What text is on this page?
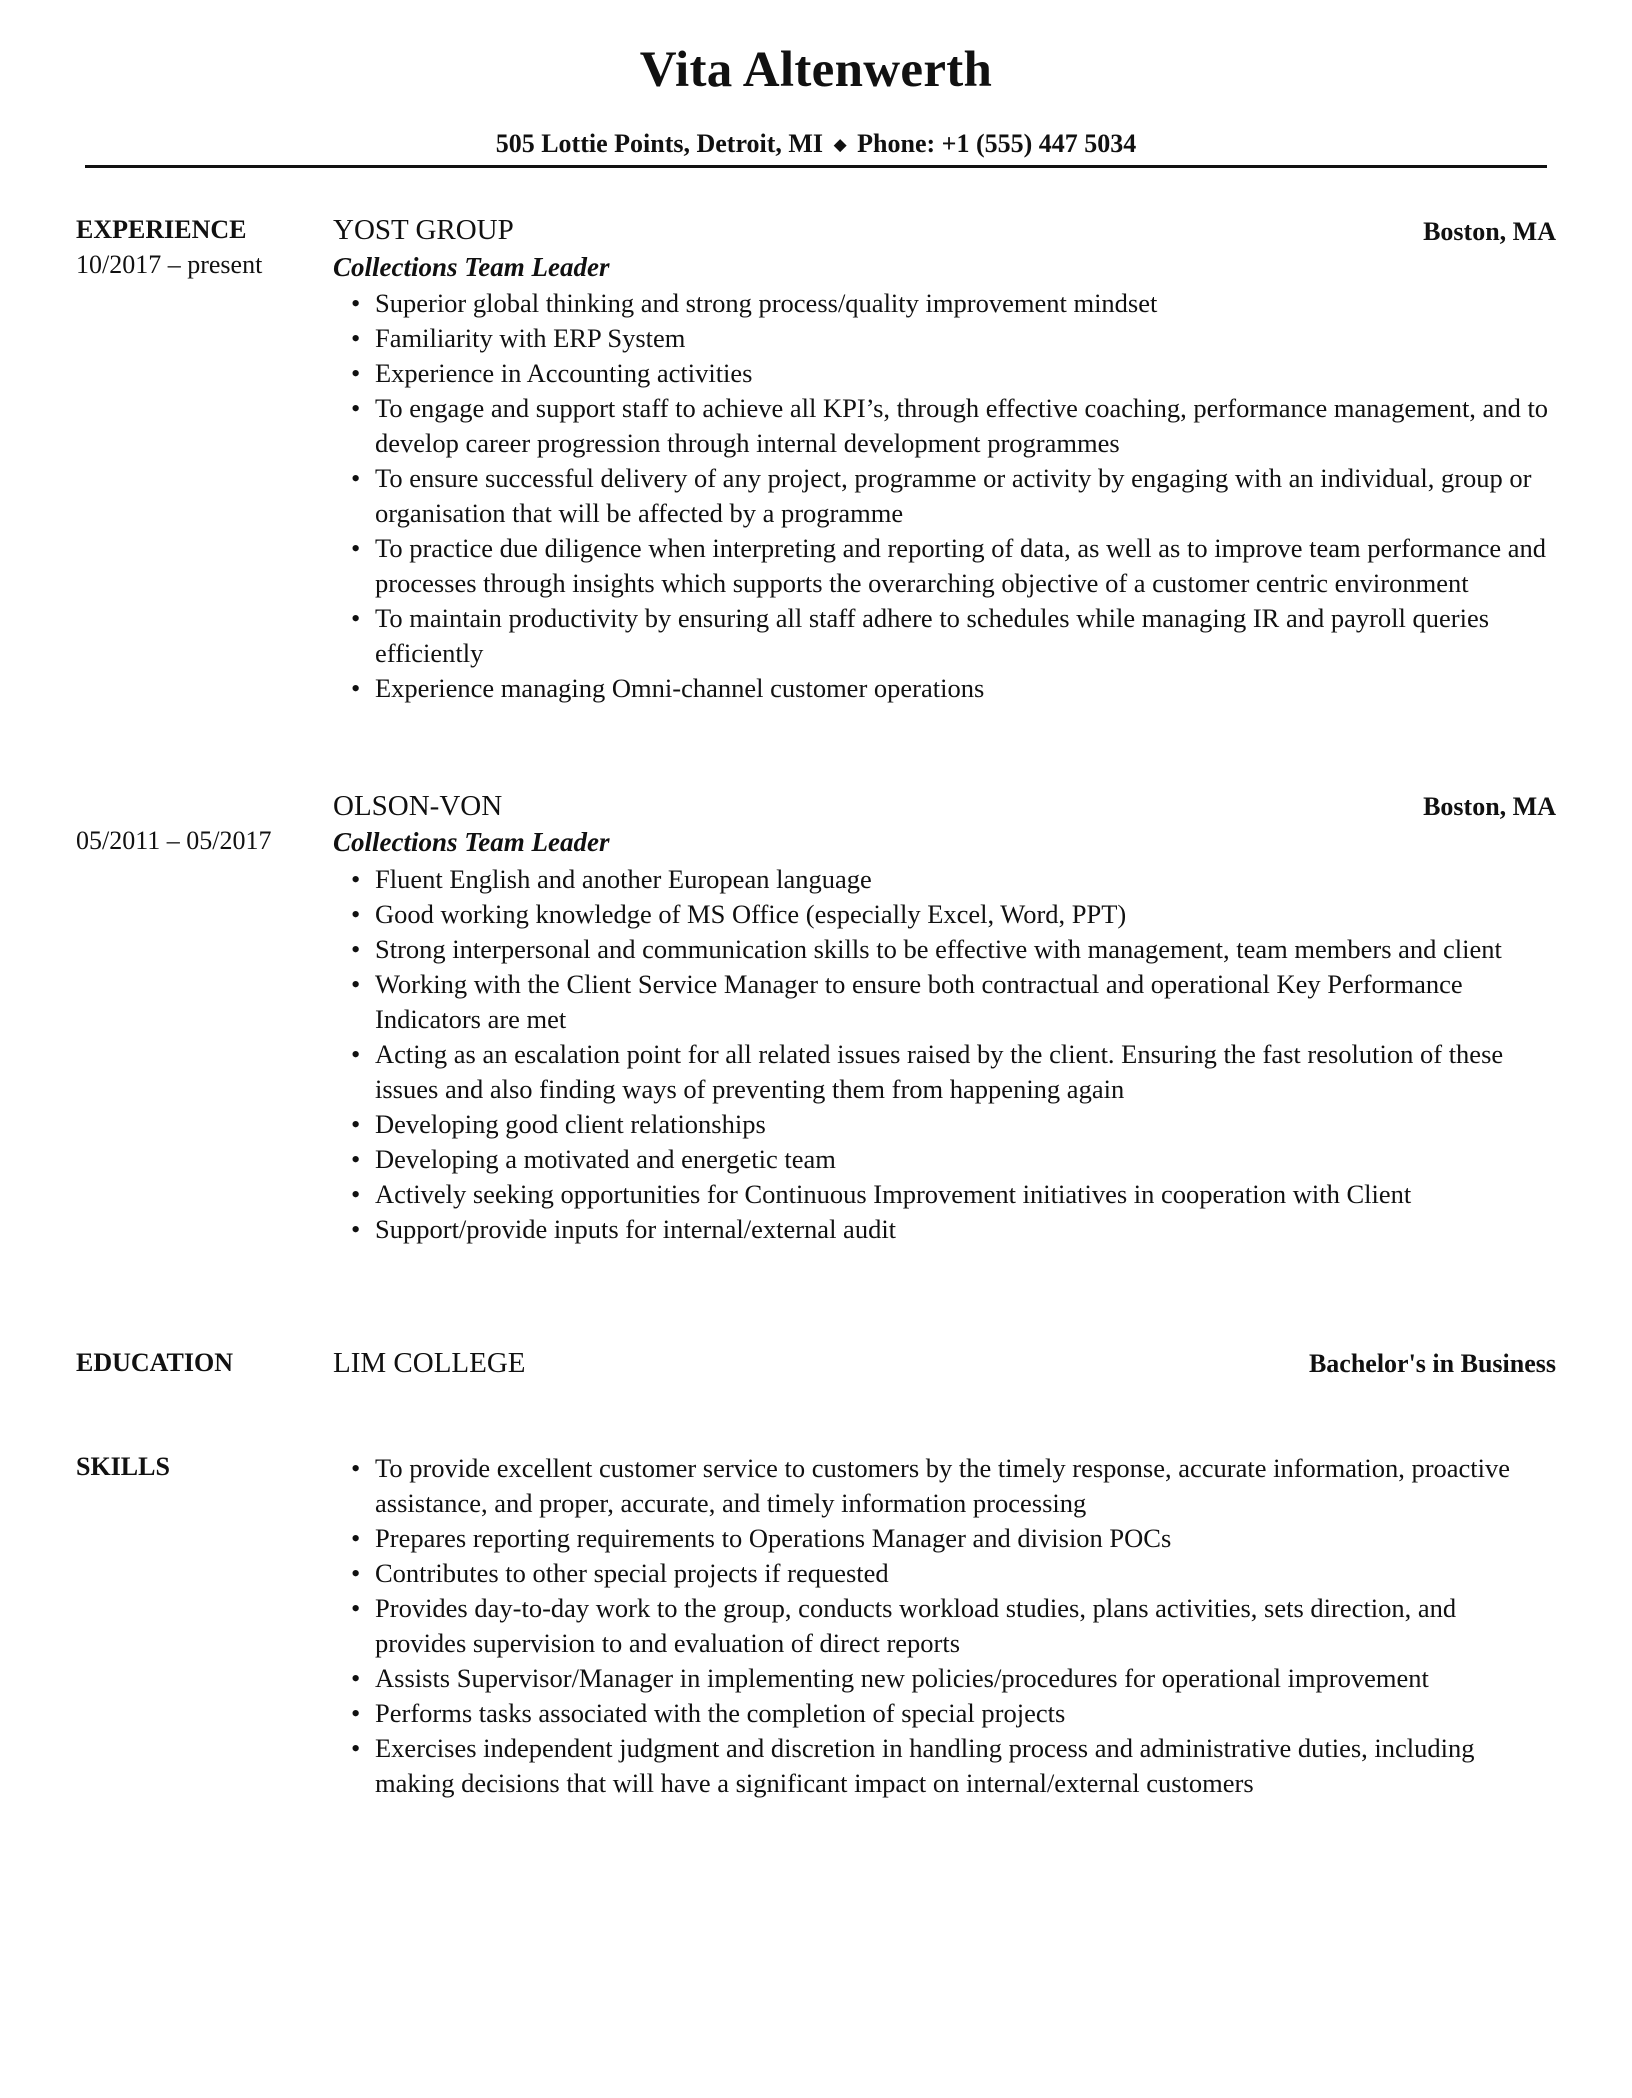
Vita Altenwerth
505 Lottie Points, Detroit, MI ◆ Phone: +1 (555) 447 5034
EXPERIENCE
10/2017 – present
YOST GROUP	Boston, MA
Collections Team Leader
• Superior global thinking and strong process/quality improvement mindset
• Familiarity with ERP System
• Experience in Accounting activities
• To engage and support staff to achieve all KPI’s, through effective coaching, performance management, and to develop career progression through internal development programmes
• To ensure successful delivery of any project, programme or activity by engaging with an individual, group or organisation that will be affected by a programme
• To practice due diligence when interpreting and reporting of data, as well as to improve team performance and processes through insights which supports the overarching objective of a customer centric environment
• To maintain productivity by ensuring all staff adhere to schedules while managing IR and payroll queries efficiently
• Experience managing Omni-channel customer operations
OLSON-VON	Boston, MA
05/2011 – 05/2017 Collections Team Leader
• Fluent English and another European language
• Good working knowledge of MS Office (especially Excel, Word, PPT)
• Strong interpersonal and communication skills to be effective with management, team members and client
• Working with the Client Service Manager to ensure both contractual and operational Key Performance Indicators are met
• Acting as an escalation point for all related issues raised by the client. Ensuring the fast resolution of these issues and also finding ways of preventing them from happening again
• Developing good client relationships
• Developing a motivated and energetic team
• Actively seeking opportunities for Continuous Improvement initiatives in cooperation with Client
• Support/provide inputs for internal/external audit
EDUCATION	LIM COLLEGE	Bachelor's in Business
SKILLS
•	To provide excellent customer service to customers by the timely response, accurate information, proactive assistance, and proper, accurate, and timely information processing
• Prepares reporting requirements to Operations Manager and division POCs
• Contributes to other special projects if requested
• Provides day-to-day work to the group, conducts workload studies, plans activities, sets direction, and provides supervision to and evaluation of direct reports
• Assists Supervisor/Manager in implementing new policies/procedures for operational improvement
• Performs tasks associated with the completion of special projects
• Exercises independent judgment and discretion in handling process and administrative duties, including making decisions that will have a significant impact on internal/external customers
